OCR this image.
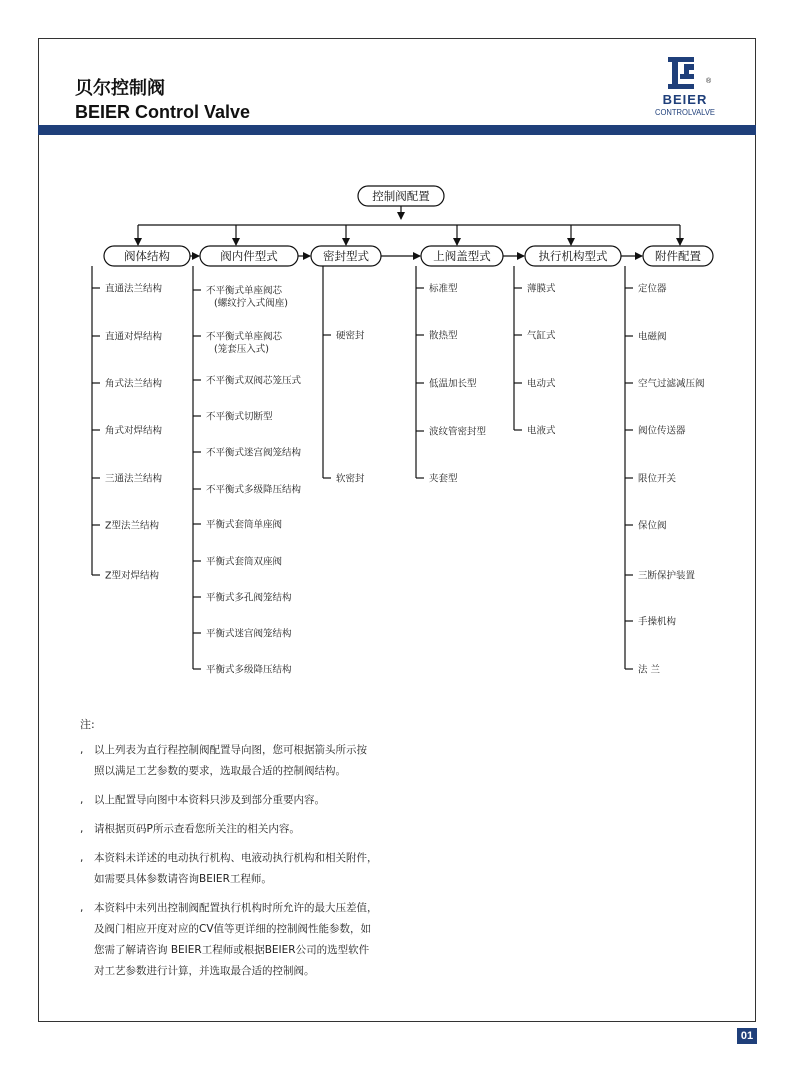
贝尔控制阀
BEIER Control Valve
®
BEIER
CONTROLVALVE
控制阀配置
阀体结构	阀内件型式	密封型式	上阀盖型式	执行机构型式	附件配置
直通法兰结构
直通对焊结构
角式法兰结构
角式对焊结构
三通法兰结构
Z型法兰结构
Z型对焊结构
不平衡式单座阀芯
(螺纹拧入式阀座)
不平衡式单座阀芯
(笼套压入式)
不平衡式双阀芯笼压式
不平衡式切断型
不平衡式迷宫阀笼结构
不平衡式多级降压结构
平衡式套筒单座阀
平衡式套筒双座阀
平衡式多孔阀笼结构
平衡式迷宫阀笼结构
平衡式多级降压结构
硬密封
软密封
标准型
散热型
低温加长型
波纹管密封型
夹套型
薄膜式
气缸式
电动式
电液式
定位器
电磁阀
空气过滤减压阀
阀位传送器
限位开关
保位阀
三断保护装置
手操机构
法 兰
注:
, 以上列表为直行程控制阀配置导向图，您可根据箭头所示按
照以满足工艺参数的要求，选取最合适的控制阀结构。
, 以上配置导向图中本资料只涉及到部分重要内容。
, 请根据页码P所示查看您所关注的相关内容。
, 本资料未详述的电动执行机构、电液动执行机构和相关附件，
如需要具体参数请咨询BEIER工程师。
, 本资料中未列出控制阀配置执行机构时所允许的最大压差值，
及阀门相应开度对应的CV值等更详细的控制阀性能参数，如
您需了解请咨询 BEIER工程师或根据BEIER公司的选型软件
对工艺参数进行计算，并选取最合适的控制阀。
01
